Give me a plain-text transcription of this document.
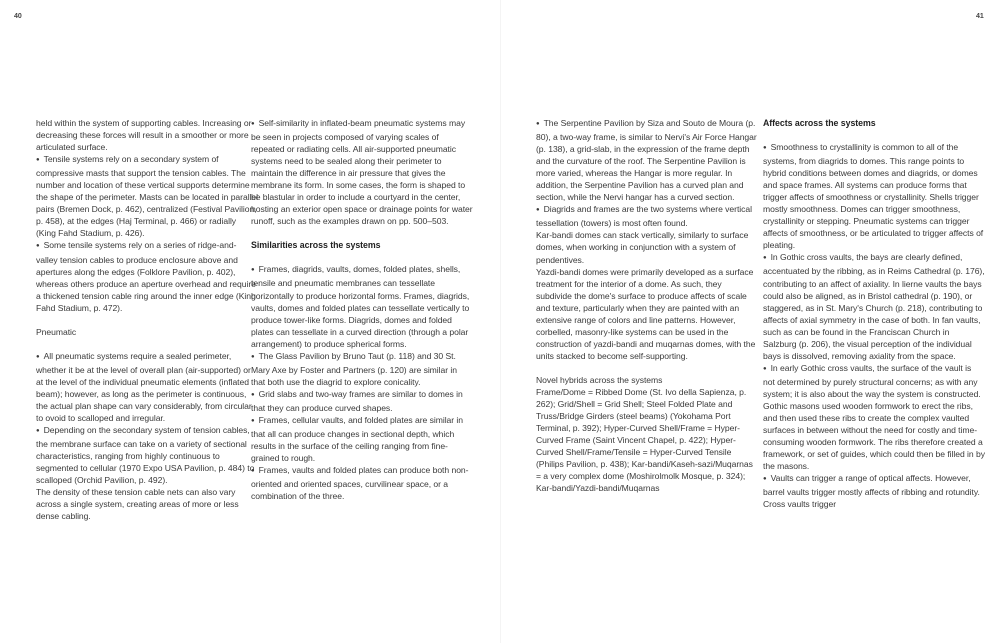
40	41

held within the system of supporting cables. Increasing or decreasing these forces will result in a smoother or more articulated surface.

● Tensile systems rely on a secondary system of compressive masts that support the tension cables. The number and location of these vertical supports determine the shape of the perimeter. Masts can be located in parallel pairs (Bremen Dock, p. 462), centralized (Festival Pavilion, p. 458), at the edges (Haj Terminal, p. 466) or radially (King Fahd Stadium, p. 426).

● Some tensile systems rely on a series of ridge-and-valley tension cables to produce enclosure above and apertures along the edges (Folklore Pavilion, p. 402), whereas others produce an aperture overhead and require a thickened tension cable ring around the inner edge (King Fahd Stadium, p. 472).

Pneumatic

● All pneumatic systems require a sealed perimeter, whether it be at the level of overall plan (air-supported) or at the level of the individual pneumatic elements (inflated beam); however, as long as the perimeter is continuous, the actual plan shape can vary considerably, from circular to ovoid to scalloped and irregular.

● Depending on the secondary system of tension cables, the membrane surface can take on a variety of sectional characteristics, ranging from highly continuous to segmented to cellular (1970 Expo USA Pavilion, p. 484) to scalloped (Orchid Pavilion, p. 492).

The density of these tension cable nets can also vary across a single system, creating areas of more or less dense cabling.

● Self-similarity in inflated-beam pneumatic systems may be seen in projects composed of varying scales of repeated or radiating cells. All air-supported pneumatic systems need to be sealed along their perimeter to maintain the difference in air pressure that gives the membrane its form. In some cases, the form is shaped to be blastular in order to include a courtyard in the center, hosting an exterior open space or drainage points for water runoff, such as the examples drawn on pp. 500–503.

Similarities across the systems

● Frames, diagrids, vaults, domes, folded plates, shells, tensile and pneumatic membranes can tessellate horizontally to produce horizontal forms. Frames, diagrids, vaults, domes and folded plates can tessellate vertically to produce tower-like forms. Diagrids, domes and folded plates can tessellate in a curved direction (through a polar arrangement) to produce spherical forms.

● The Glass Pavilion by Bruno Taut (p. 118) and 30 St. Mary Axe by Foster and Partners (p. 120) are similar in that both use the diagrid to explore conicality.

● Grid slabs and two-way frames are similar to domes in that they can produce curved shapes.

● Frames, cellular vaults, and folded plates are similar in that all can produce changes in sectional depth, which results in the surface of the ceiling ranging from fine-grained to rough.

● Frames, vaults and folded plates can produce both non-oriented and oriented spaces, curvilinear space, or a combination of the three.

● The Serpentine Pavilion by Siza and Souto de Moura (p. 80), a two-way frame, is similar to Nervi's Air Force Hangar (p. 138), a grid-slab, in the expression of the frame depth and the curvature of the roof. The Serpentine Pavilion is more varied, whereas the Hangar is more regular. In addition, the Serpentine Pavilion has a curved plan and section, while the Nervi hangar has a curved section.

● Diagrids and frames are the two systems where vertical tessellation (towers) is most often found.

Kar-bandi domes can stack vertically, similarly to surface domes, when working in conjunction with a system of pendentives.

Yazdi-bandi domes were primarily developed as a surface treatment for the interior of a dome. As such, they subdivide the dome's surface to produce affects of scale and texture, particularly when they are painted with an extensive range of colors and line patterns. However, corbelled, masonry-like systems can be used in the construction of yazdi-bandi and muqarnas domes, with the units stacked to become self-supporting.

Novel hybrids across the systems

Frame/Dome = Ribbed Dome (St. Ivo della Sapienza, p. 262); Grid/Shell = Grid Shell; Steel Folded Plate and Truss/Bridge Girders (steel beams) (Yokohama Port Terminal, p. 392); Hyper-Curved Shell/Frame = Hyper-Curved Frame (Saint Vincent Chapel, p. 422); Hyper-Curved Shell/Frame/Tensile = Hyper-Curved Tensile (Philips Pavilion, p. 438); Kar-bandi/Kaseh-sazi/Muqarnas = a very complex dome (Moshirolmolk Mosque, p. 324); Kar-bandi/Yazdi-bandi/Muqarnas

Affects across the systems

● Smoothness to crystallinity is common to all of the systems, from diagrids to domes. This range points to hybrid conditions between domes and diagrids, or domes and space frames. All systems can produce forms that trigger affects of smoothness or crystallinity. Shells trigger mostly smoothness. Domes can trigger smoothness, crystallinity or stepping. Pneumatic systems can trigger affects of smoothness, or be articulated to trigger affects of pleating.

● In Gothic cross vaults, the bays are clearly defined, accentuated by the ribbing, as in Reims Cathedral (p. 176), contributing to an affect of axiality. In lierne vaults the bays could also be aligned, as in Bristol cathedral (p. 190), or staggered, as in St. Mary's Church (p. 218), contributing to affects of axial symmetry in the case of both. In fan vaults, such as can be found in the Franciscan Church in Salzburg (p. 206), the visual perception of the individual bays is dissolved, removing axiality from the space.

● In early Gothic cross vaults, the surface of the vault is not determined by purely structural concerns; as with any system; it is also about the way the system is constructed. Gothic masons used wooden formwork to erect the ribs, and then used these ribs to create the complex vaulted surfaces in between without the need for costly and time-consuming wooden formwork. The ribs therefore created a framework, or set of guides, which could then be filled in by the masons.

● Vaults can trigger a range of optical affects. However, barrel vaults trigger mostly affects of ribbing and rotundity. Cross vaults trigger
